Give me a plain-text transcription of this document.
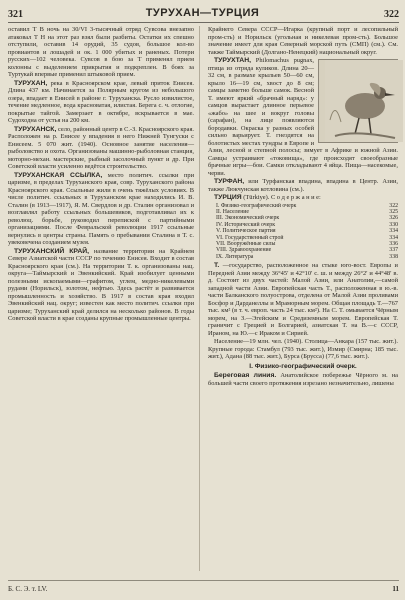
321	ТУРУХАН—ТУРЦИЯ	322

оставил Т В ночь на 30/VI 3-тысячный отряд Сувсова внезапно атаковал Т Н на этот раз взял были разбиты. Остатки их спешно отступили, оставив 14 орудий, 35 судов, большое кол-во провиантов и лошадей и ок. 1 000 убитых и раненых. Потери русских—102 человека. Сувсов в бою за Т применял прием колонны с выделением прикрытия и подкреплен. В боях за Туртукай впервые применил штыковой прием.

ТУРУХАН, река в Красноярском крае, левый приток Енисея. Длина 437 км. Начинается за Полярным кругом из небольшого озера, впадает в Енисей в районе г. Туруханска. Русло извилистое, течение медленное, вода красноватая, илистая. Берега с. ч. отлогие, покрытые тайгой. Замерзает в октябре, вскрывается в мае. Судоходна от устья на 200 км.

ТУРУХАНСК, село, районный центр в С.-З. Красноярского края. Расположен на р. Енисее у впадения в него Нижней Тунгуски с Енисеем. 5 070 жит. (1940). Основное занятие населения—рыболовство и охота. Организованы машинно-рыболовная станция, моторно-механ. мастерские, рыбный засолочный пункт и др. При Советской власти усиленно ведётся строительство.

ТУРУХАНСКАЯ ССЫЛКА, место политич. ссылки при царизме, в пределах Туруханского края, совр. Туруханского района Красноярского края. Ссыльные жили в очень тяжёлых условиях. В числе политич. ссыльных в Туруханском крае находились И. В. Сталин (в 1913—1917), Я. М. Свердлов и др. Сталин организовал и возглавлял работу ссыльных большевиков, подготавливал их к революц. борьбе, руководил перепиской с партийными организациями. После Февральской революции 1917 ссыльные вернулись в центры страны. Память о пребывании Сталина в Т. с. увековечена созданием музея.

ТУРУХАНСКИЙ КРАЙ, название территории на Крайнем Севере Азиатской части СССР по течению Енисея. Входит в состав Красноярского края (см.). На территории Т. к. организованы нац. округа—Таймырский и Эвенкийский. Край изобилует ценными полезными ископаемыми—графитом, углем, медно-никелевыми рудами (Норильск), золотом, нефтью. Здесь растёт и развивается промышленность и хозяйство. В 1917 в состав края входил Эвенкийский нац. округ; известен как место политич. ссылки при царизме; Туруханский край делился на несколько районов. В годы Советской власти в крае созданы крупные промышленные центры.

Крайнего Севера СССР—Игарка (крупный порт и лесопильный пром-сть) и Норильск (угольная и никелевая пром-сть). Большое значение имеет для края Северный морской путь (СМП) (см.). См. также Таймырский (Долгано-Ненецкий) национальный округ.

ТУРУХТАН, Philomachus pugnax, птица из отряда куликов. Длина 20—32 см, в размахе крыльев 50—60 см, крыло 16—19 см, хвост до 8 см; самцы заметно больше самок. Весной Т. имеют яркий «брачный наряд»: у самцов вырастает длинное перьевое «жабо» на шее и вокруг головы (сарафан), на лице появляются бородавки. Окраска у разных особей сильно варьирует. Т. гнездятся на болотистых местах тундры в Европе и Азии, лесной и степной полосы; зимует в Африке и южной Азии. Самцы устраивают «токовища», где происходят своеобразные брачные игры—бои. Самки откладывают 4 яйца. Пища—насекомые, черви.

ТУРФАН, или Турфанская впадина, впадина в Центр. Азии, также Люкчунская котловина (см.).

ТУРЦИЯ (Türkiye). С о д е р ж а н и е:

I. Физико-географический очерк	322
II. Население	325
III. Экономический очерк	326
IV. Исторический очерк	330
V. Политическое партия	334
VI. Государственный строй	334
VII. Вооружённые силы	336
VIII. Здравоохранение	337
IX. Литература	338

Т. —государство, расположенное на стыке юго-вост. Европы и Передней Азии между 36°45′ и 42°10′ с. ш. и между 26°2′ и 44°48′ в. д. Состоит из двух частей: Малой Азии, или Анатолии,—самой западной части Азии. Европейская часть Т., расположенная в ю.-в. части Балканского полуострова, отделена от Малой Азии проливами Босфор и Дарданеллы и Мраморным морем. Общая площадь Т.—767 тыс. км² (в т. ч. европ. часть 24 тыс. км²). На С. Т. омывается Чёрным морем, на З.—Эгейским и Средиземным морем. Европейская Т. граничит с Грецией и Болгарией, азиатская Т. на В.—с СССР, Ираном, на Ю.—с Ираком и Сирией.

Население—19 млн. чел. (1940). Столица—Анкара (157 тыс. жит.). Крупные города: Стамбул (793 тыс. жит.), Измир (Смирна; 185 тыс. жит.), Адана (88 тыс. жит.), Бурса (Брусса) (77,6 тыс. жит.).

I. Физико-географический очерк.

Береговая линия. Анатолийское побережье Чёрного м. на большей части своего протяжения изрезано незначительно, лишены

Б. С. Э. т. LV.	11
